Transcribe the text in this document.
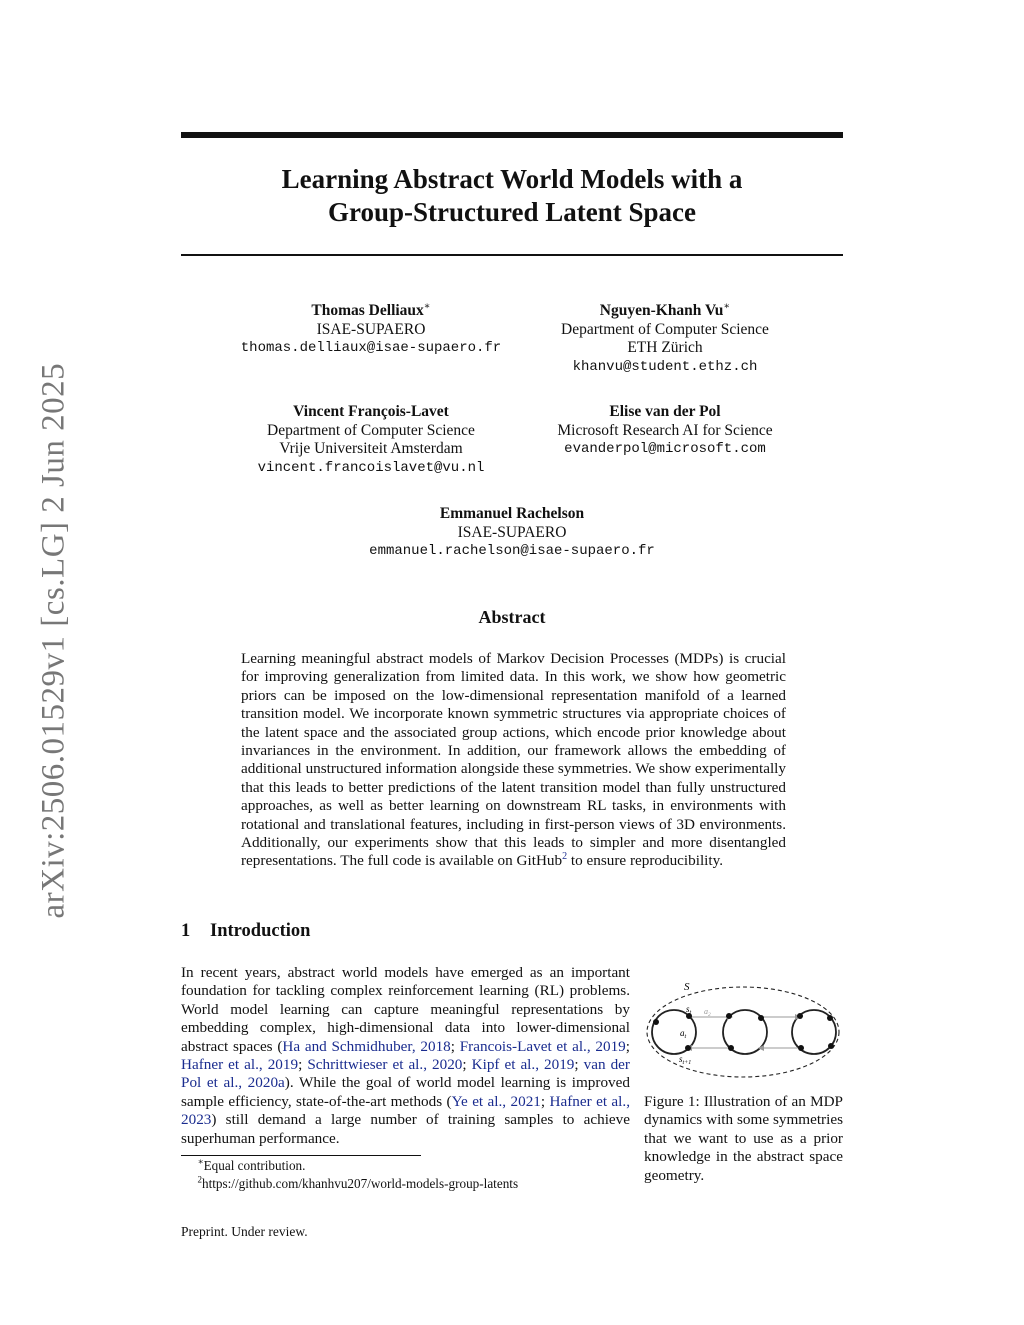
arXiv:2506.01529v1 [cs.LG] 2 Jun 2025
Learning Abstract World Models with a
Group-Structured Latent Space
Thomas Delliaux∗
ISAE-SUPAERO
thomas.delliaux@isae-supaero.fr
Nguyen-Khanh Vu∗
Department of Computer Science
ETH Zürich
khanvu@student.ethz.ch
Vincent François-Lavet
Department of Computer Science
Vrije Universiteit Amsterdam
vincent.francoislavet@vu.nl
Elise van der Pol
Microsoft Research AI for Science
evanderpol@microsoft.com
Emmanuel Rachelson
ISAE-SUPAERO
emmanuel.rachelson@isae-supaero.fr
Abstract
Learning meaningful abstract models of Markov Decision Processes (MDPs) is crucial for improving generalization from limited data. In this work, we show how geometric priors can be imposed on the low-dimensional representation manifold of a learned transition model. We incorporate known symmetric structures via appropriate choices of the latent space and the associated group actions, which encode prior knowledge about invariances in the environment. In addition, our framework allows the embedding of additional unstructured information alongside these symmetries. We show experimentally that this leads to better predictions of the latent transition model than fully unstructured approaches, as well as better learning on downstream RL tasks, in environments with rotational and translational features, including in first-person views of 3D environments. Additionally, our experiments show that this leads to simpler and more disentangled representations. The full code is available on GitHub$^2$ to ensure reproducibility.
1 Introduction
In recent years, abstract world models have emerged as an important foundation for tackling complex reinforcement learning (RL) problems. World model learning can capture meaningful representations by embedding complex, high-dimensional data into lower-dimensional abstract spaces (Ha and Schmidhuber, 2018; Francois-Lavet et al., 2019; Hafner et al., 2019; Schrittwieser et al., 2020; Kipf et al., 2019; van der Pol et al., 2020a). While the goal of world model learning is improved sample efficiency, state-of-the-art methods (Ye et al., 2021; Hafner et al., 2023) still demand a large number of training samples to achieve superhuman performance.
S
$s_t$ $a_2$
$a_t$
$s_{t+1}$
Figure 1: Illustration of an MDP dynamics with some symmetries that we want to use as a prior knowledge in the abstract space geometry.
∗Equal contribution.
$^2$https://github.com/khanhvu207/world-models-group-latents
Preprint. Under review.
